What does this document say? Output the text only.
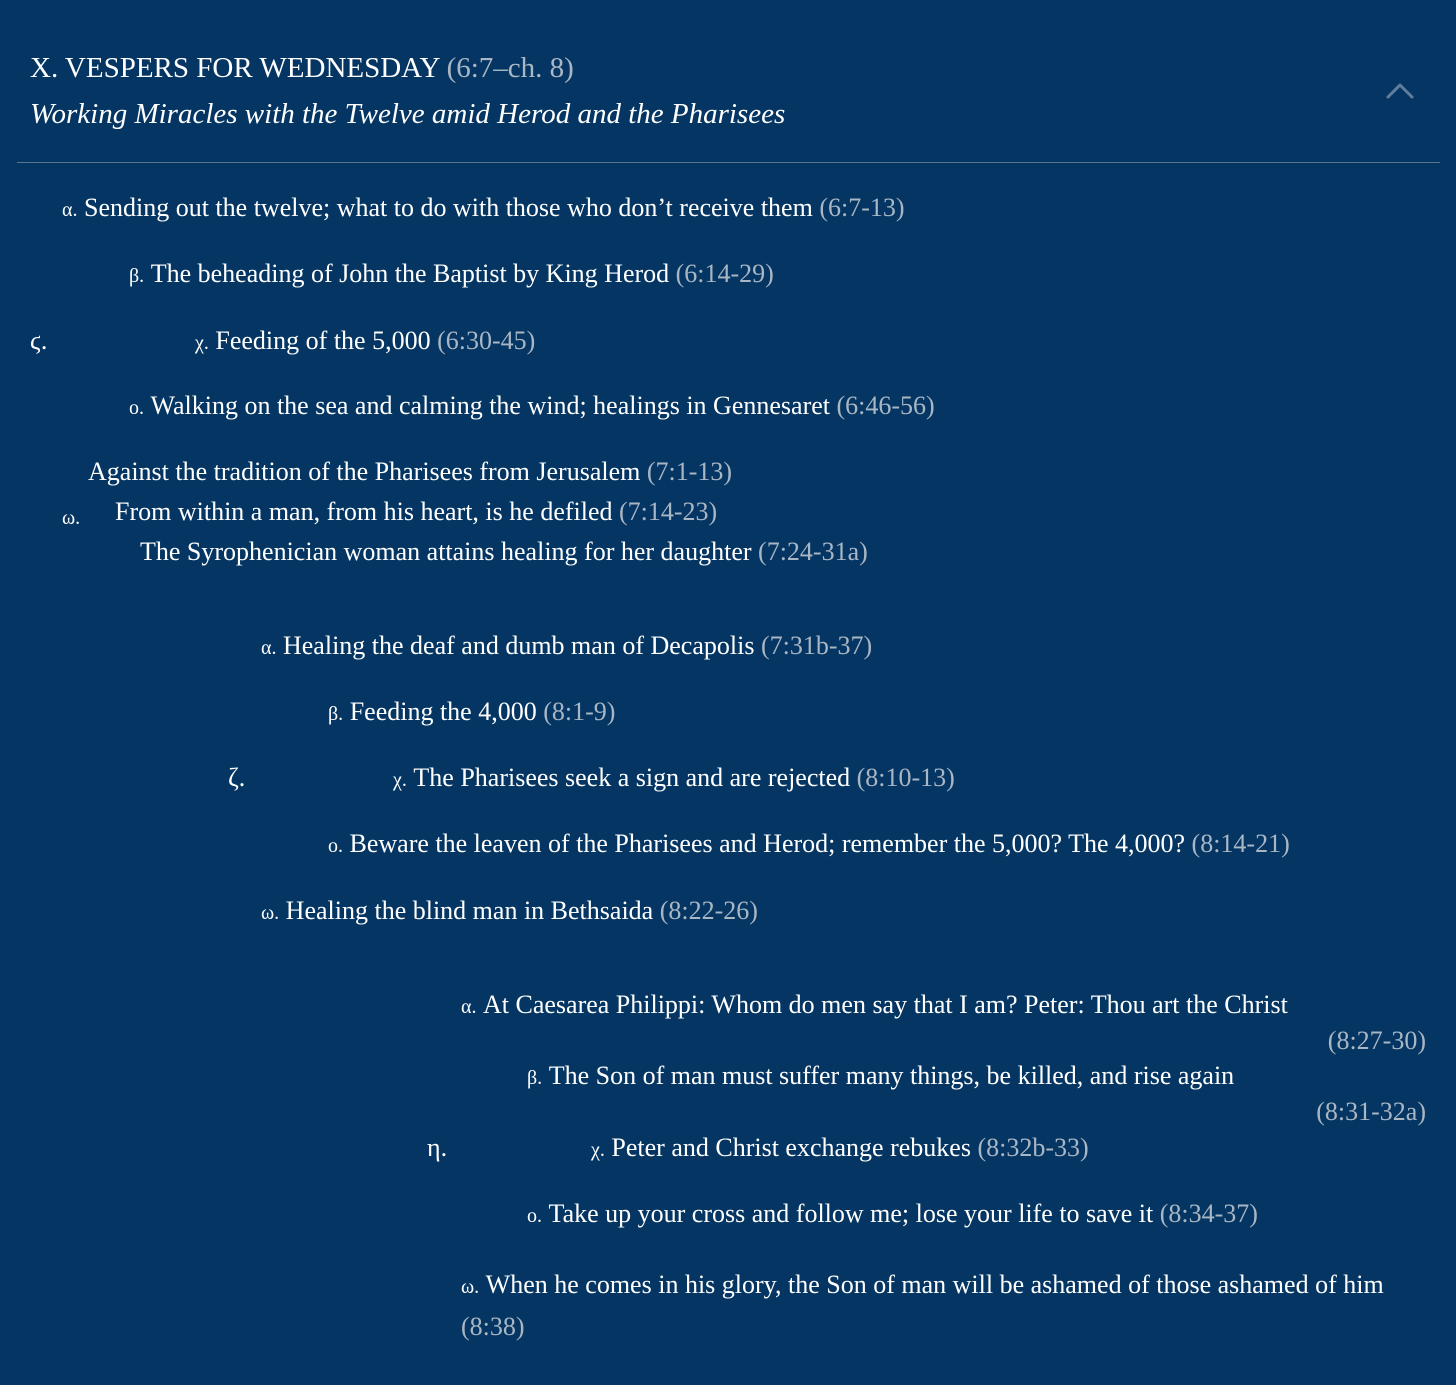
X. VESPERS FOR WEDNESDAY (6:7–ch. 8)
Working Miracles with the Twelve amid Herod and the Pharisees
ϛ.
α. Sending out the twelve; what to do with those who don’t receive them (6:7-13)
β. The beheading of John the Baptist by King Herod (6:14-29)
χ. Feeding of the 5,000 (6:30-45)
ο. Walking on the sea and calming the wind; healings in Gennesaret (6:46-56)
ω.
Against the tradition of the Pharisees from Jerusalem (7:1-13)
From within a man, from his heart, is he defiled (7:14-23)
The Syrophenician woman attains healing for her daughter (7:24-31a)
ζ.
α. Healing the deaf and dumb man of Decapolis (7:31b-37)
β. Feeding the 4,000 (8:1-9)
χ. The Pharisees seek a sign and are rejected (8:10-13)
ο. Beware the leaven of the Pharisees and Herod; remember the 5,000? The 4,000? (8:14-21)
ω. Healing the blind man in Bethsaida (8:22-26)
η.
α. At Caesarea Philippi: Whom do men say that I am? Peter: Thou art the Christ
(8:27-30)
β. The Son of man must suffer many things, be killed, and rise again
(8:31-32a)
χ. Peter and Christ exchange rebukes (8:32b-33)
ο. Take up your cross and follow me; lose your life to save it (8:34-37)
ω. When he comes in his glory, the Son of man will be ashamed of those ashamed of him (8:38)
